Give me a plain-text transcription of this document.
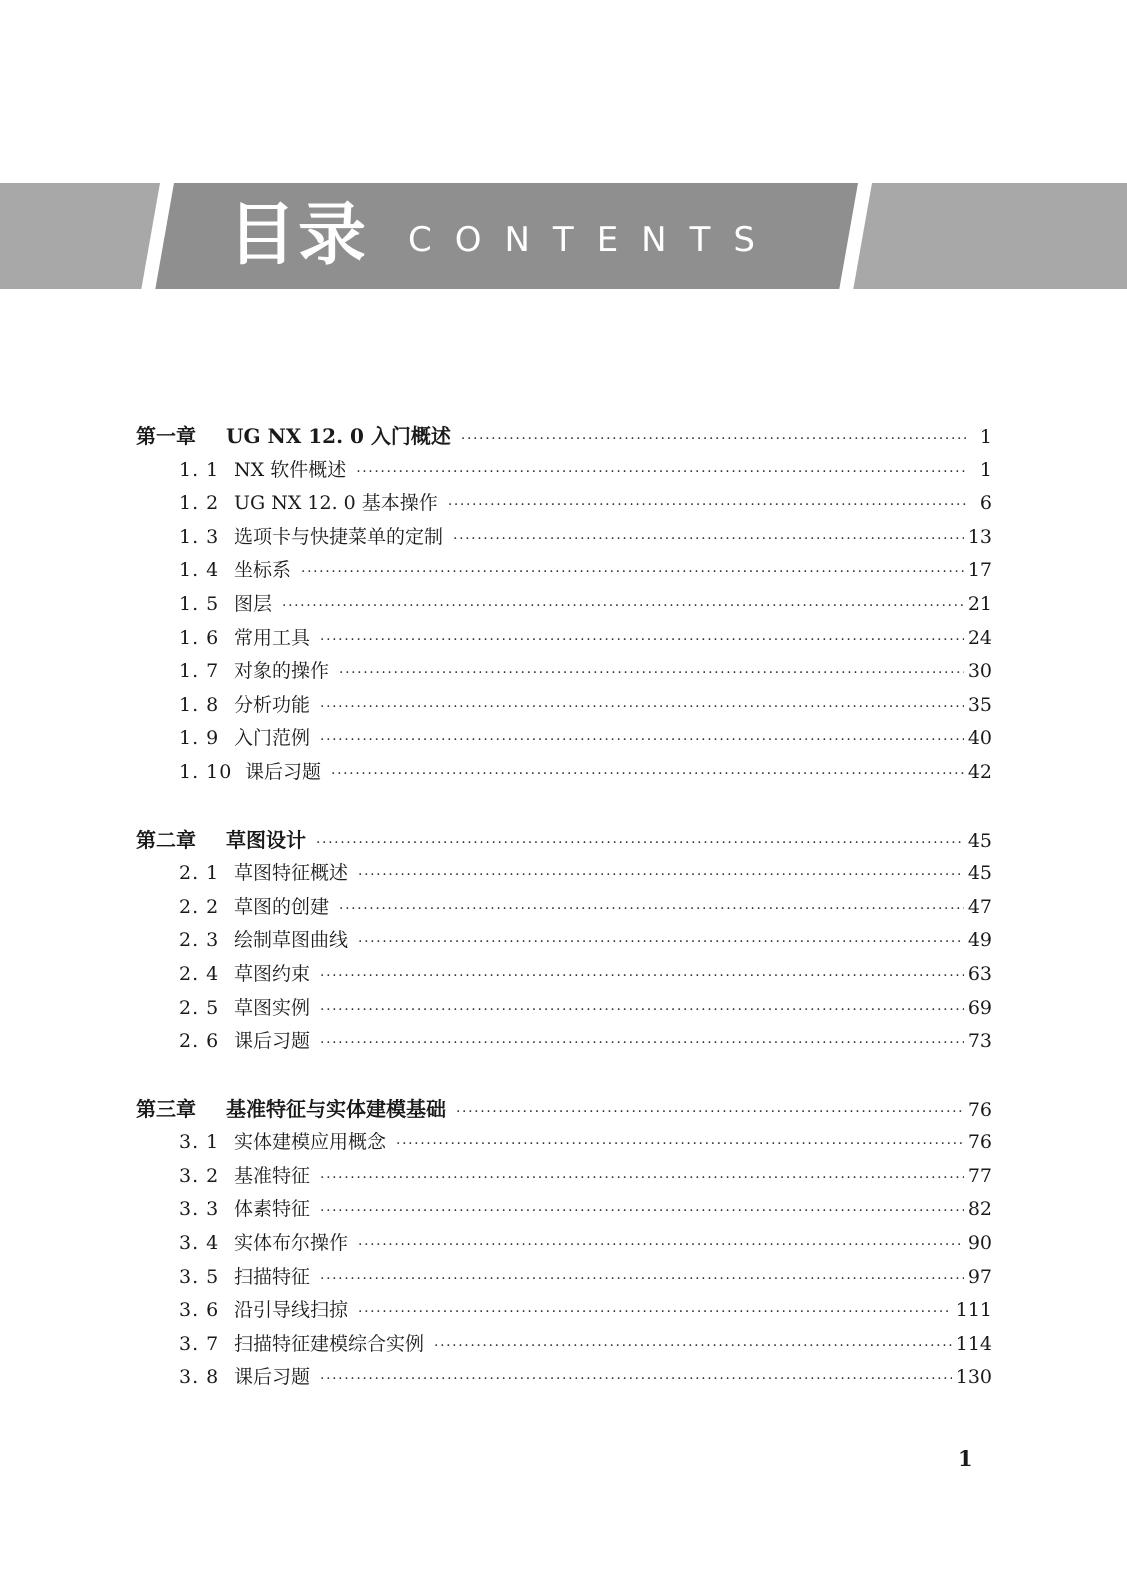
目录 CONTENTS
第一章	UG NX 12. 0 入门概述 ·····	1
1. 1 NX 软件概述 ·····	1
1. 2 UG NX 12. 0 基本操作 ·····	6
1. 3 选项卡与快捷菜单的定制 ·····	13
1. 4 坐标系 ·····	17
1. 5 图层 ·····	21
1. 6 常用工具 ·····	24
1. 7 对象的操作 ·····	30
1. 8 分析功能 ·····	35
1. 9 入门范例 ·····	40
1. 10 课后习题 ·····	42
第二章	草图设计 ·····	45
2. 1 草图特征概述 ·····	45
2. 2 草图的创建 ·····	47
2. 3 绘制草图曲线 ·····	49
2. 4 草图约束 ·····	63
2. 5 草图实例 ·····	69
2. 6 课后习题 ·····	73
第三章	基准特征与实体建模基础 ·····	76
3. 1 实体建模应用概念 ·····	76
3. 2 基准特征 ·····	77
3. 3 体素特征 ·····	82
3. 4 实体布尔操作 ·····	90
3. 5 扫描特征 ·····	97
3. 6 沿引导线扫掠 ·····	111
3. 7 扫描特征建模综合实例 ·····	114
3. 8 课后习题 ·····	130
1
